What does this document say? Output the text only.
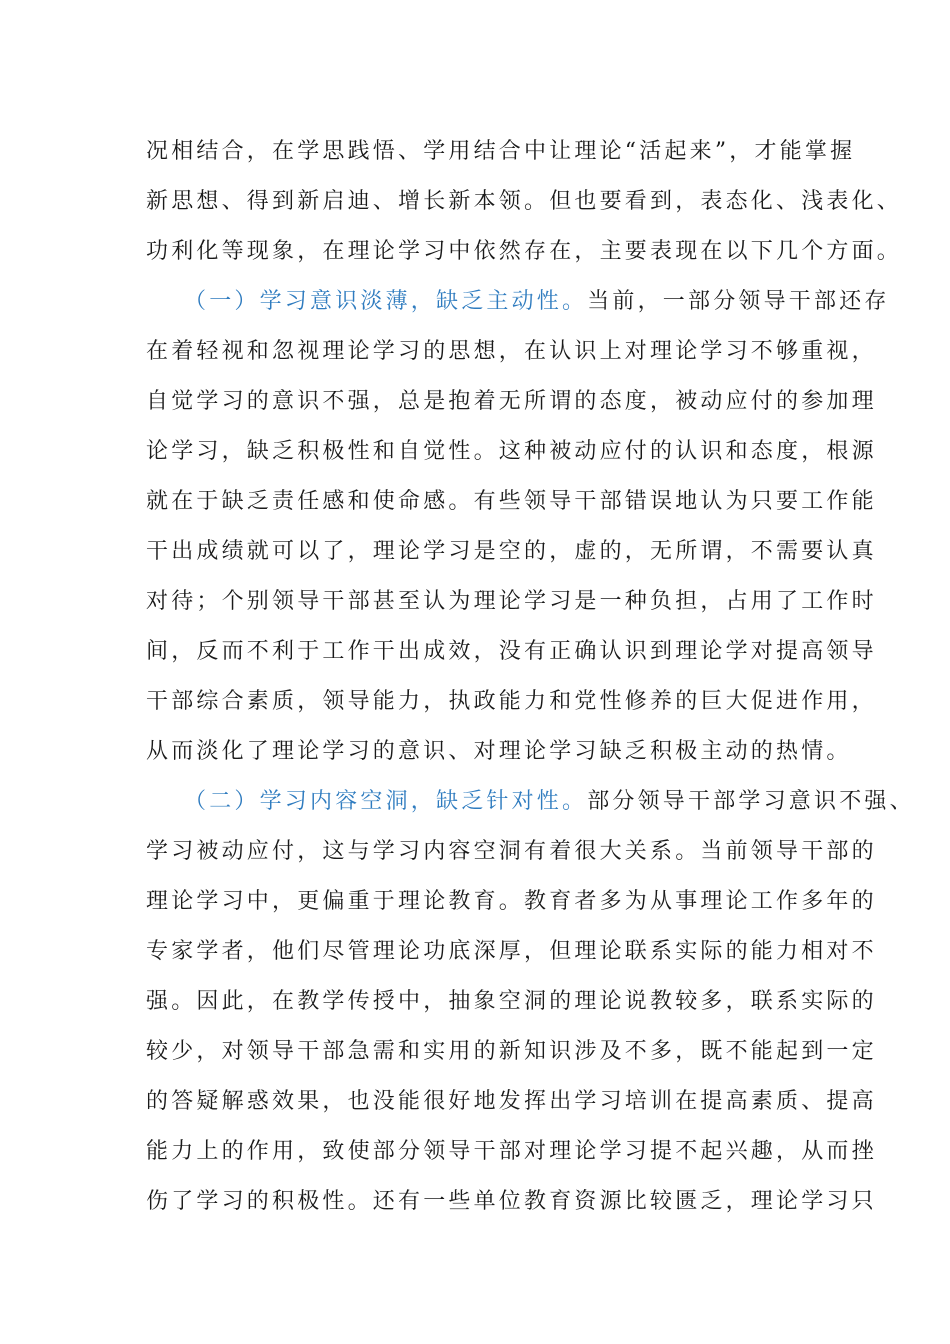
况相结合，在学思践悟、学用结合中让理论“活起来”，才能掌握
新思想、得到新启迪、增长新本领。但也要看到，表态化、浅表化、
功利化等现象，在理论学习中依然存在，主要表现在以下几个方面。
（一）学习意识淡薄，缺乏主动性。当前，一部分领导干部还存
在着轻视和忽视理论学习的思想，在认识上对理论学习不够重视，
自觉学习的意识不强，总是抱着无所谓的态度，被动应付的参加理
论学习，缺乏积极性和自觉性。这种被动应付的认识和态度，根源
就在于缺乏责任感和使命感。有些领导干部错误地认为只要工作能
干出成绩就可以了，理论学习是空的，虚的，无所谓，不需要认真
对待；个别领导干部甚至认为理论学习是一种负担，占用了工作时
间，反而不利于工作干出成效，没有正确认识到理论学对提高领导
干部综合素质，领导能力，执政能力和党性修养的巨大促进作用，
从而淡化了理论学习的意识、对理论学习缺乏积极主动的热情。
（二）学习内容空洞，缺乏针对性。部分领导干部学习意识不强、
学习被动应付，这与学习内容空洞有着很大关系。当前领导干部的
理论学习中，更偏重于理论教育。教育者多为从事理论工作多年的
专家学者，他们尽管理论功底深厚，但理论联系实际的能力相对不
强。因此，在教学传授中，抽象空洞的理论说教较多，联系实际的
较少，对领导干部急需和实用的新知识涉及不多，既不能起到一定
的答疑解惑效果，也没能很好地发挥出学习培训在提高素质、提高
能力上的作用，致使部分领导干部对理论学习提不起兴趣，从而挫
伤了学习的积极性。还有一些单位教育资源比较匮乏，理论学习只
